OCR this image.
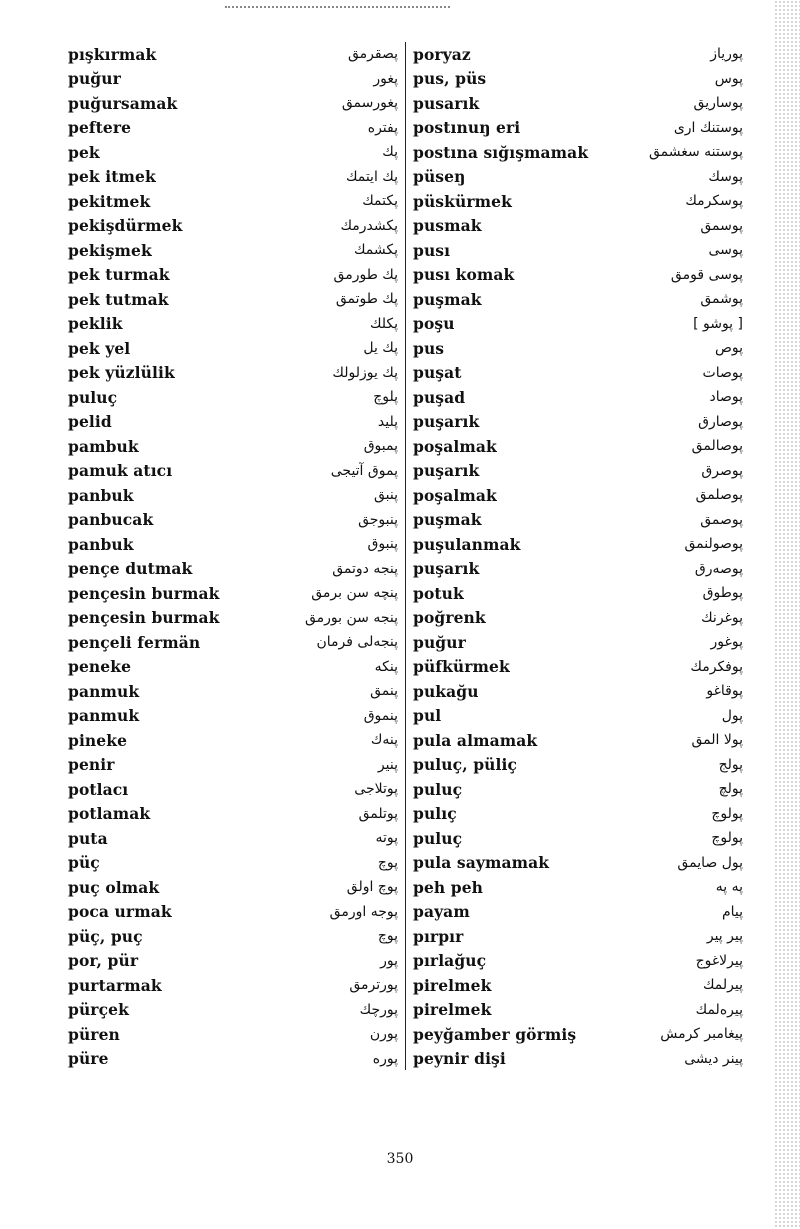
pışkırmak	پصقرمق
puğur	پغور
puğursamak	پغورسمق
peftere	پفتره
pek	پك
pek itmek	پك ايتمك
pekitmek	پكتمك
pekişdürmek	پكشدرمك
pekişmek	پكشمك
pek turmak	پك طورمق
pek tutmak	پك طوتمق
peklik	پكلك
pek yel	پك يل
pek yüzlülik	پك يوزلولك
puluç	پلوچ
pelid	پليد
pambuk	پمبوق
pamuk atıcı	پموق آتيجى
panbuk	پنبق
panbucak	پنبوجق
panbuk	پنبوق
pençe dutmak	پنجه دوتمق
pençesin burmak	پنچه سن برمق
pençesin burmak	پنجه سن بورمق
pençeli fermän	پنجه‌لى فرمان
peneke	پنكه
panmuk	پنمق
panmuk	پنموق
pineke	پنه‌ك
penir	پنير
potlacı	پوتلاجى
potlamak	پوتلمق
puta	پوته
püç	پوچ
puç olmak	پوچ اولق
poca urmak	پوجه اورمق
püç, puç	پوچ
por, pür	پور
purtarmak	پورترمق
pürçek	پورچك
püren	پورن
püre	پوره
poryaz	پورياز
pus, püs	پوس
pusarık	پوساريق
postınuŋ eri	پوستنك ارى
postına sığışmamak	پوستنه سغشمق
püseŋ	پوسك
püskürmek	پوسكرمك
pusmak	پوسمق
pusı	پوسى
pusı komak	پوسى قومق
puşmak	پوشمق
poşu	[ پوشو ]
pus	پوص
puşat	پوصات
puşad	پوصاد
puşarık	پوصارق
poşalmak	پوصالمق
puşarık	پوصرق
poşalmak	پوصلمق
puşmak	پوصمق
puşulanmak	پوصولنمق
puşarık	پوصەرق
potuk	پوطوق
poğrenk	پوغرنك
puğur	پوغور
püfkürmek	پوفكرمك
pukağu	پوقاغو
pul	پول
pula almamak	پولا المق
puluç, püliç	پولج
puluç	پولچ
pulıç	پولوچ
puluç	پولوچ
pula saymamak	پول صايمق
peh peh	په په
payam	پيام
pırpır	پير پير
pırlağuç	پيرلاغوج
pirelmek	پيرلمك
pirelmek	پيره‌لمك
peyğamber görmiş	پيغامبر كرمش
peynir dişi	پينر ديشى
350
